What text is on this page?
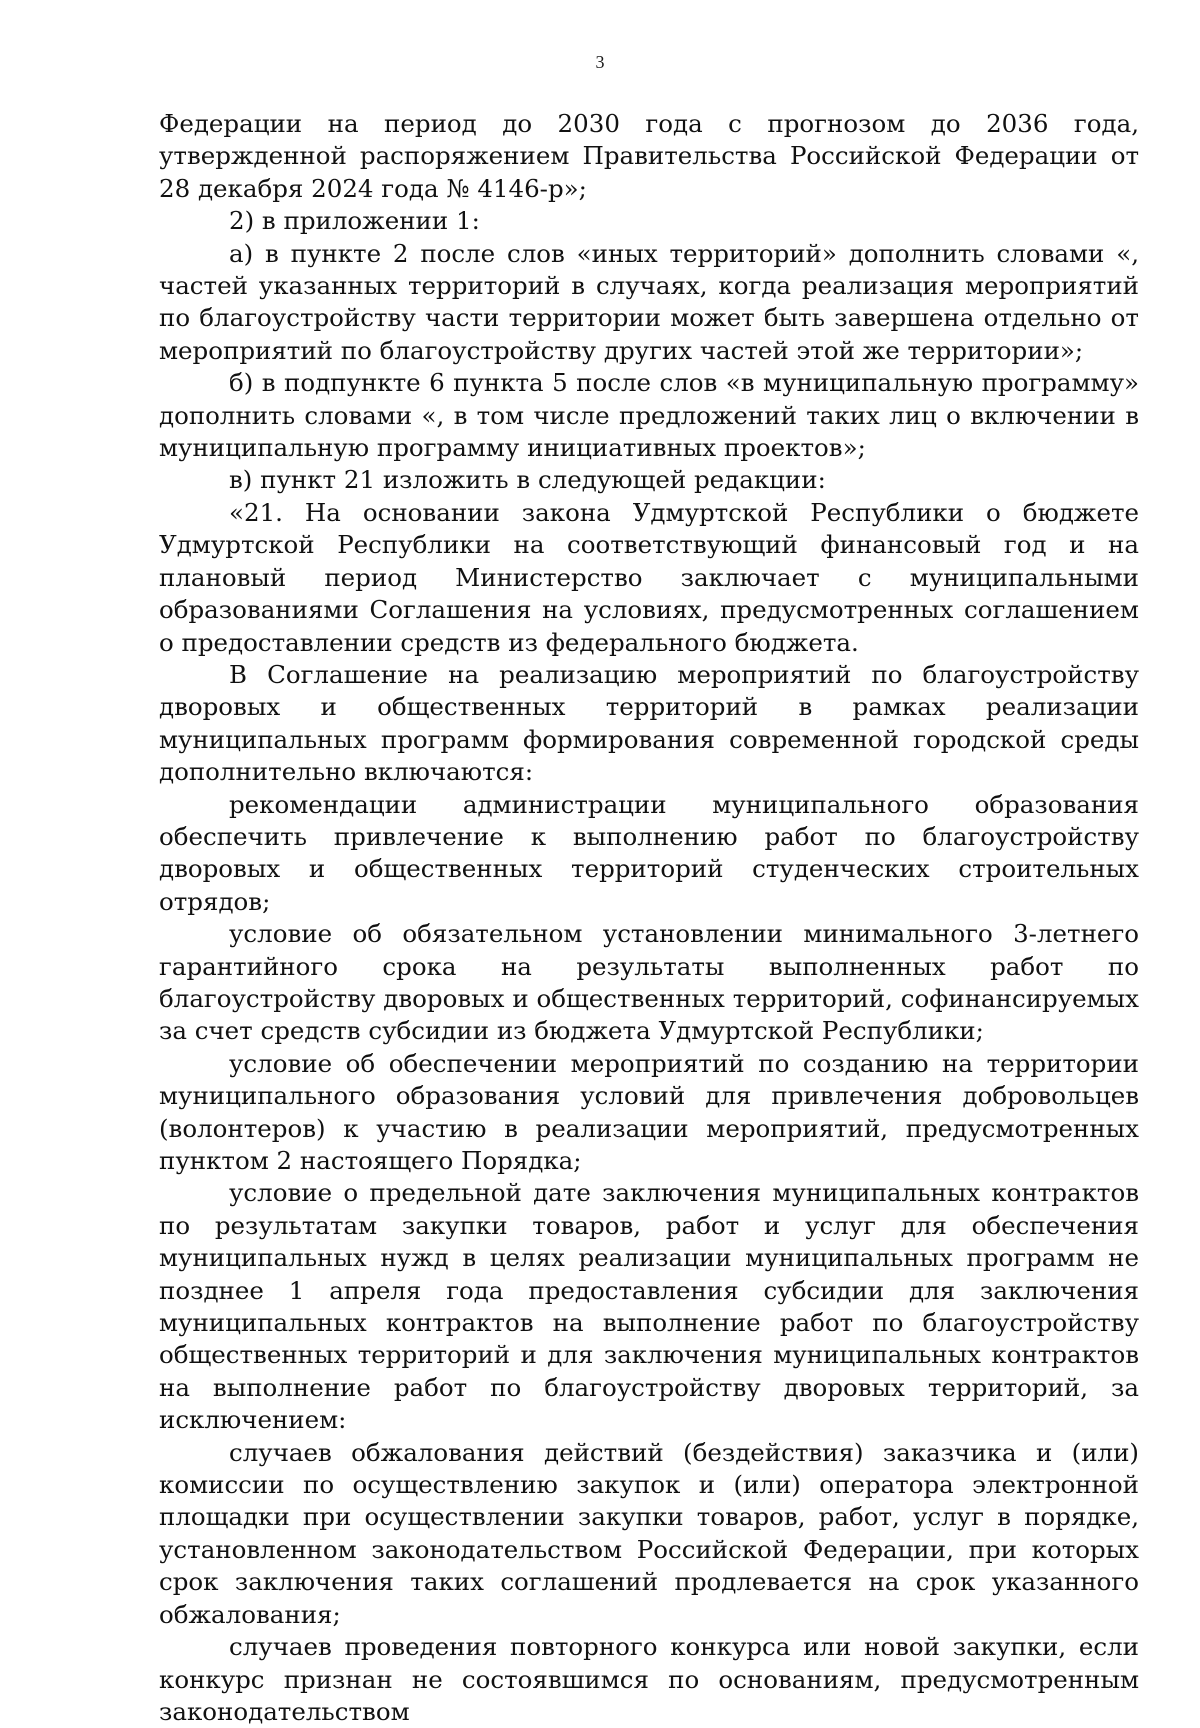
3

Федерации на период до 2030 года с прогнозом до 2036 года, утвержденной распоряжением Правительства Российской Федерации от 28 декабря 2024 года № 4146-р»;

2) в приложении 1:

а) в пункте 2 после слов «иных территорий» дополнить словами «, частей указанных территорий в случаях, когда реализация мероприятий по благоустройству части территории может быть завершена отдельно от мероприятий по благоустройству других частей этой же территории»;

б) в подпункте 6 пункта 5 после слов «в муниципальную программу» дополнить словами «, в том числе предложений таких лиц о включении в муниципальную программу инициативных проектов»;

в) пункт 21 изложить в следующей редакции:

«21. На основании закона Удмуртской Республики о бюджете Удмуртской Республики на соответствующий финансовый год и на плановый период Министерство заключает с муниципальными образованиями Соглашения на условиях, предусмотренных соглашением о предоставлении средств из федерального бюджета.

В Соглашение на реализацию мероприятий по благоустройству дворовых и общественных территорий в рамках реализации муниципальных программ формирования современной городской среды дополнительно включаются:

рекомендации администрации муниципального образования обеспечить привлечение к выполнению работ по благоустройству дворовых и общественных территорий студенческих строительных отрядов;

условие об обязательном установлении минимального 3-летнего гарантийного срока на результаты выполненных работ по благоустройству дворовых и общественных территорий, софинансируемых за счет средств субсидии из бюджета Удмуртской Республики;

условие об обеспечении мероприятий по созданию на территории муниципального образования условий для привлечения добровольцев (волонтеров) к участию в реализации мероприятий, предусмотренных пунктом 2 настоящего Порядка;

условие о предельной дате заключения муниципальных контрактов по результатам закупки товаров, работ и услуг для обеспечения муниципальных нужд в целях реализации муниципальных программ не позднее 1 апреля года предоставления субсидии для заключения муниципальных контрактов на выполнение работ по благоустройству общественных территорий и для заключения муниципальных контрактов на выполнение работ по благоустройству дворовых территорий, за исключением:

случаев обжалования действий (бездействия) заказчика и (или) комиссии по осуществлению закупок и (или) оператора электронной площадки при осуществлении закупки товаров, работ, услуг в порядке, установленном законодательством Российской Федерации, при которых срок заключения таких соглашений продлевается на срок указанного обжалования;

случаев проведения повторного конкурса или новой закупки, если конкурс признан не состоявшимся по основаниям, предусмотренным законодательством
